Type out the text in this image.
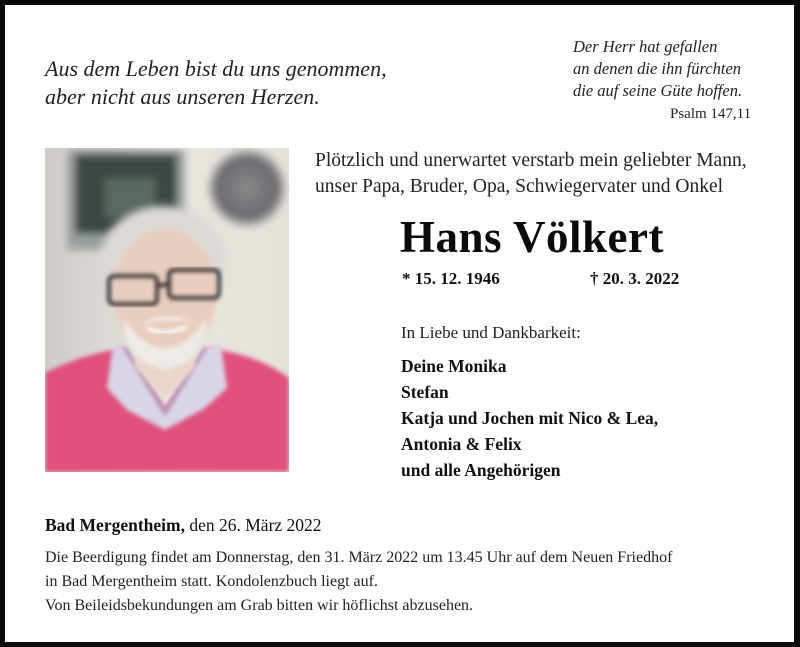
Aus dem Leben bist du uns genommen,
aber nicht aus unseren Herzen.
Der Herr hat gefallen
an denen die ihn fürchten
die auf seine Güte hoffen.
Psalm 147,11
Plötzlich und unerwartet verstarb mein geliebter Mann,
unser Papa, Bruder, Opa, Schwiegervater und Onkel
Hans Völkert
* 15. 12. 1946	† 20. 3. 2022
In Liebe und Dankbarkeit:
Deine Monika
Stefan
Katja und Jochen mit Nico & Lea,
Antonia & Felix
und alle Angehörigen
Bad Mergentheim, den 26. März 2022
Die Beerdigung findet am Donnerstag, den 31. März 2022 um 13.45 Uhr auf dem Neuen Friedhof
in Bad Mergentheim statt. Kondolenzbuch liegt auf.
Von Beileidsbekundungen am Grab bitten wir höflichst abzusehen.
